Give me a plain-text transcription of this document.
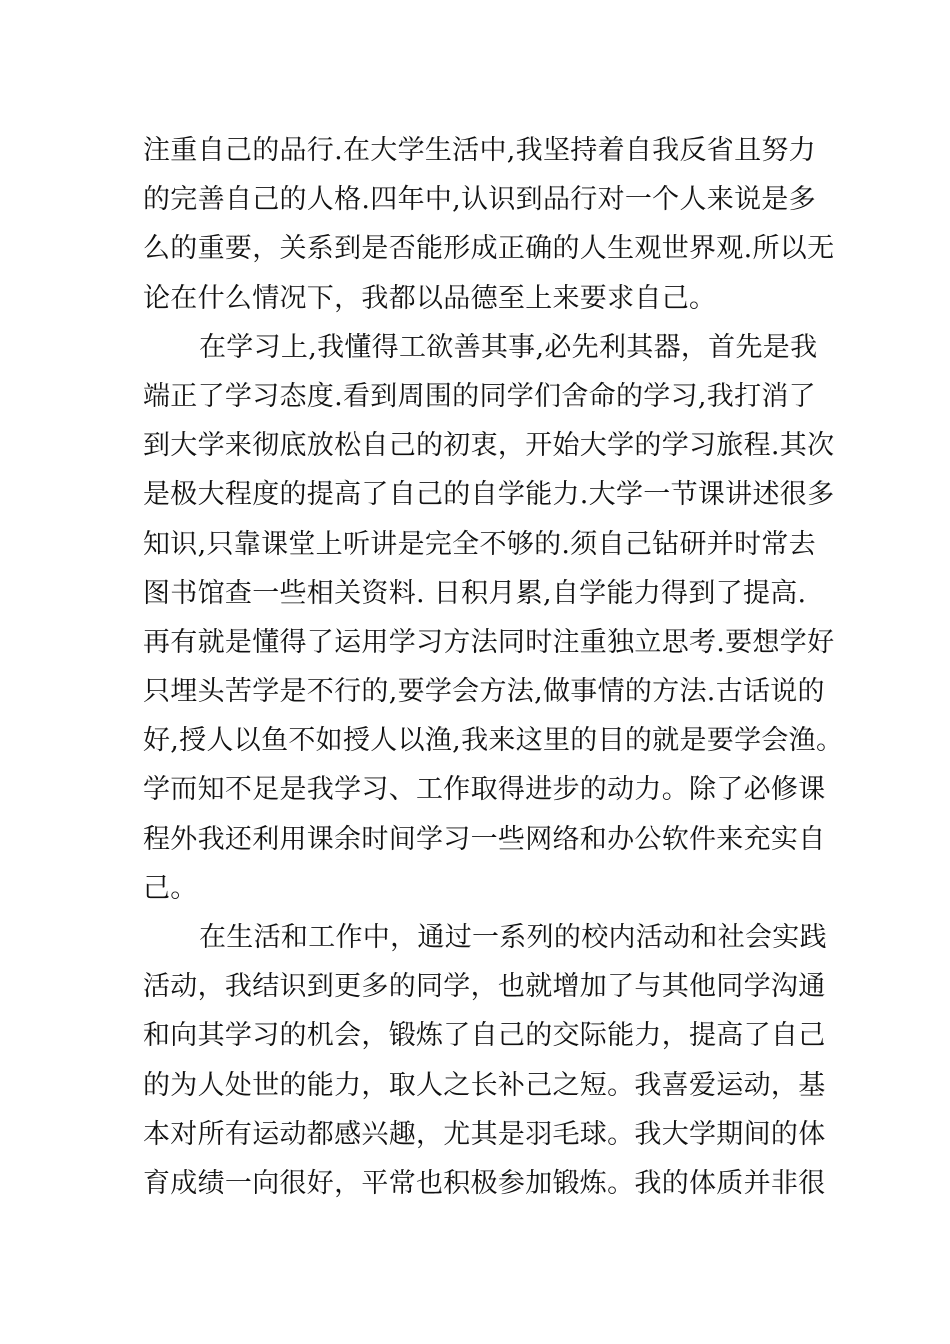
注重自己的品行.在大学生活中,我坚持着自我反省且努力
的完善自己的人格.四年中,认识到品行对一个人来说是多
么的重要，关系到是否能形成正确的人生观世界观.所以无
论在什么情况下，我都以品德至上来要求自己。
在学习上,我懂得工欲善其事,必先利其器，首先是我
端正了学习态度.看到周围的同学们舍命的学习,我打消了
到大学来彻底放松自己的初衷，开始大学的学习旅程.其次
是极大程度的提高了自己的自学能力.大学一节课讲述很多
知识,只靠课堂上听讲是完全不够的.须自己钻研并时常去
图书馆查一些相关资料. 日积月累,自学能力得到了提高.
再有就是懂得了运用学习方法同时注重独立思考.要想学好
只埋头苦学是不行的,要学会方法,做事情的方法.古话说的
好,授人以鱼不如授人以渔,我来这里的目的就是要学会渔。
学而知不足是我学习、工作取得进步的动力。除了必修课
程外我还利用课余时间学习一些网络和办公软件来充实自
己。
在生活和工作中，通过一系列的校内活动和社会实践
活动，我结识到更多的同学，也就增加了与其他同学沟通
和向其学习的机会，锻炼了自己的交际能力，提高了自己
的为人处世的能力，取人之长补己之短。我喜爱运动，基
本对所有运动都感兴趣，尤其是羽毛球。我大学期间的体
育成绩一向很好，平常也积极参加锻炼。我的体质并非很
